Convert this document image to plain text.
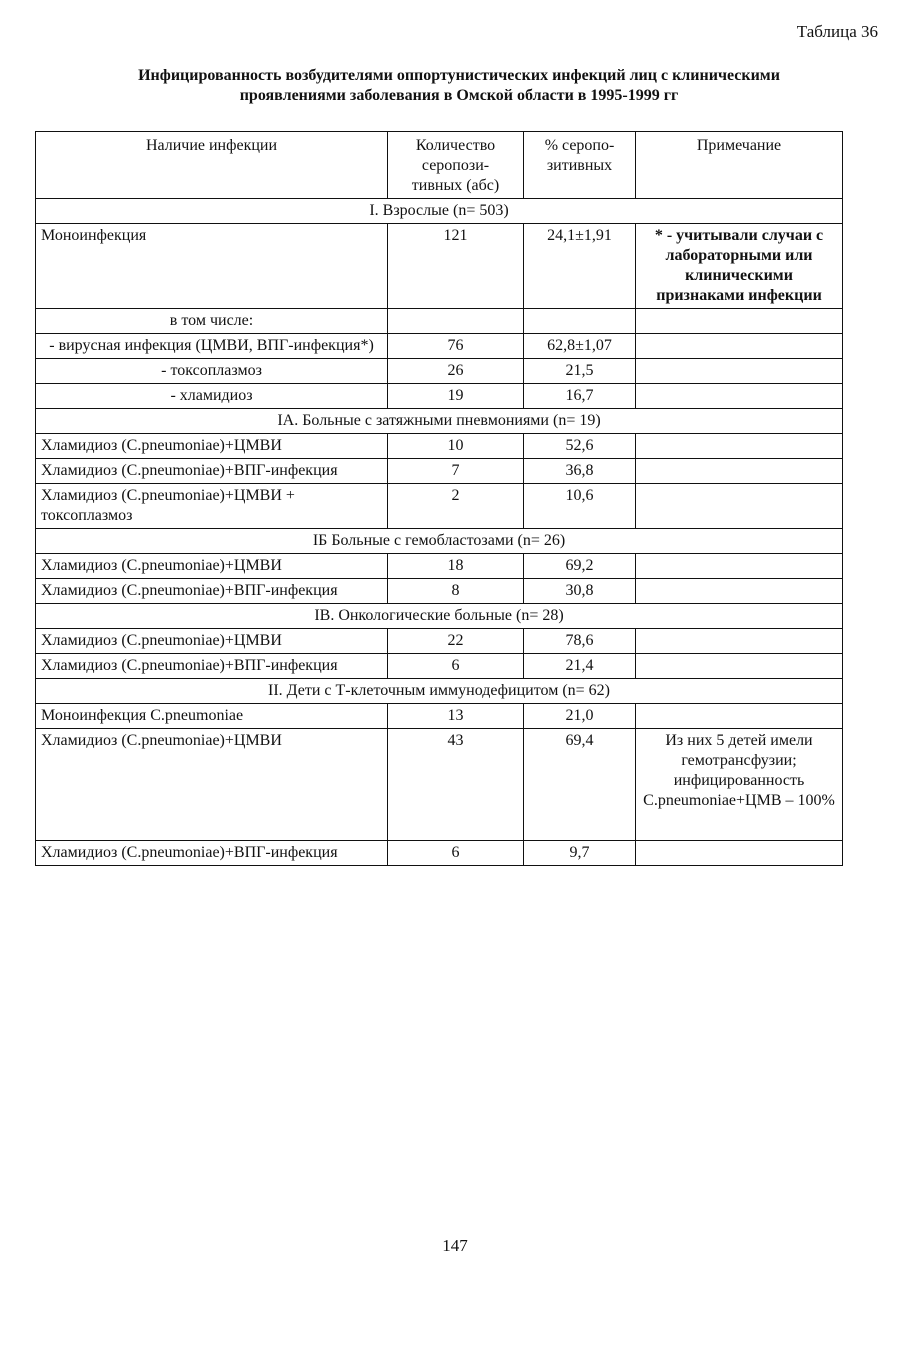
Таблица 36
Инфицированность возбудителями оппортунистических инфекций лиц с клиническими
проявлениями заболевания в Омской области в 1995-1999 гг
Наличие инфекции	Количество серопози-тивных (абс)	% серопо-зитивных	Примечание
I. Взрослые (n= 503)			
Моноинфекция	121	24,1±1,91	* - учитывали случаи с лабораторными или клиническими признаками инфекции
в том числе:			
- вирусная инфекция (ЦМВИ, ВПГ-инфекция*)	76	62,8±1,07	
- токсоплазмоз	26	21,5	
- хламидиоз	19	16,7	
IA. Больные с затяжными пневмониями (n= 19)			
Хламидиоз (C.pneumoniae)+ЦМВИ	10	52,6	
Хламидиоз (C.pneumoniae)+ВПГ-инфекция	7	36,8	
Хламидиоз (C.pneumoniae)+ЦМВИ + токсоплазмоз	2	10,6	
IБ Больные с гемобластозами (n= 26)			
Хламидиоз (C.pneumoniae)+ЦМВИ	18	69,2	
Хламидиоз (C.pneumoniae)+ВПГ-инфекция	8	30,8	
IВ. Онкологические больные (n= 28)			
Хламидиоз (C.pneumoniae)+ЦМВИ	22	78,6	
Хламидиоз (C.pneumoniae)+ВПГ-инфекция	6	21,4	
II. Дети с Т-клеточным иммунодефицитом (n= 62)			
Моноинфекция C.pneumoniae	13	21,0	
Хламидиоз (C.pneumoniae)+ЦМВИ	43	69,4	Из них 5 детей имели гемотрансфузии; инфицированность C.pneumoniae+ЦМВ – 100%
Хламидиоз (C.pneumoniae)+ВПГ-инфекция	6	9,7	
147
